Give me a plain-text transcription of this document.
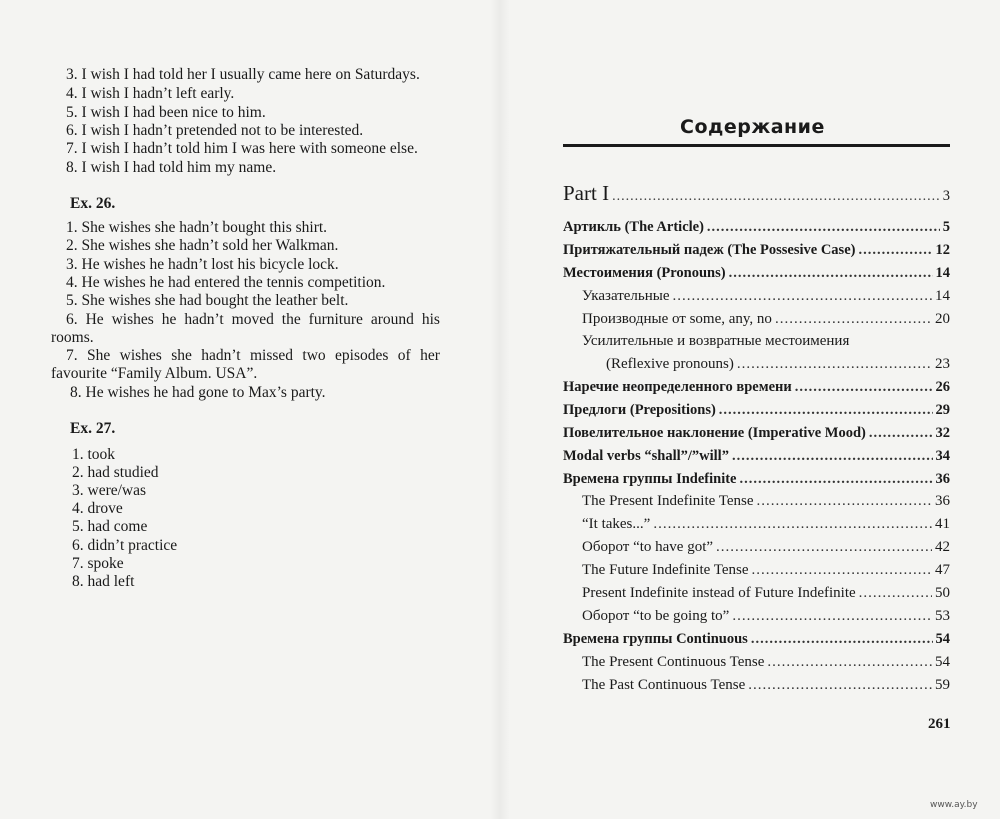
3. I wish I had told her I usually came here on Saturdays.
4. I wish I hadn’t left early.
5. I wish I had been nice to him.
6. I wish I hadn’t pretended not to be interested.
7. I wish I hadn’t told him I was here with someone else.
8. I wish I had told him my name.
Ex. 26.
1. She wishes she hadn’t bought this shirt.
2. She wishes she hadn’t sold her Walkman.
3. He wishes he hadn’t lost his bicycle lock.
4. He wishes he had entered the tennis competition.
5. She wishes she had bought the leather belt.
6. He wishes he hadn’t moved the furniture around his
rooms.
7. She wishes she hadn’t missed two episodes of her
favourite “Family Album. USA”.
8. He wishes he had gone to Max’s party.
Ex. 27.
1. took
2. had studied
3. were/was
4. drove
5. had come
6. didn’t practice
7. spoke
8. had left
Содержание
Part I .....	3
Артикль (The Article) .....	5
Притяжательный падеж (The Possesive Case) .....	12
Местоимения (Pronouns) .....	14
Указательные .....	14
Производные от some, any, no .....	20
Усилительные и возвратные местоимения
(Reflexive pronouns) .....	23
Наречие неопределенного времени .....	26
Предлоги (Prepositions) .....	29
Повелительное наклонение (Imperative Mood) .....	32
Modal verbs “shall”/”will” .....	34
Времена группы Indefinite .....	36
The Present Indefinite Tense .....	36
“It takes...” .....	41
Оборот “to have got” .....	42
The Future Indefinite Tense .....	47
Present Indefinite instead of Future Indefinite .....	50
Оборот “to be going to” .....	53
Времена группы Continuous .....	54
The Present Continuous Tense .....	54
The Past Continuous Tense .....	59
261
www.ay.by
